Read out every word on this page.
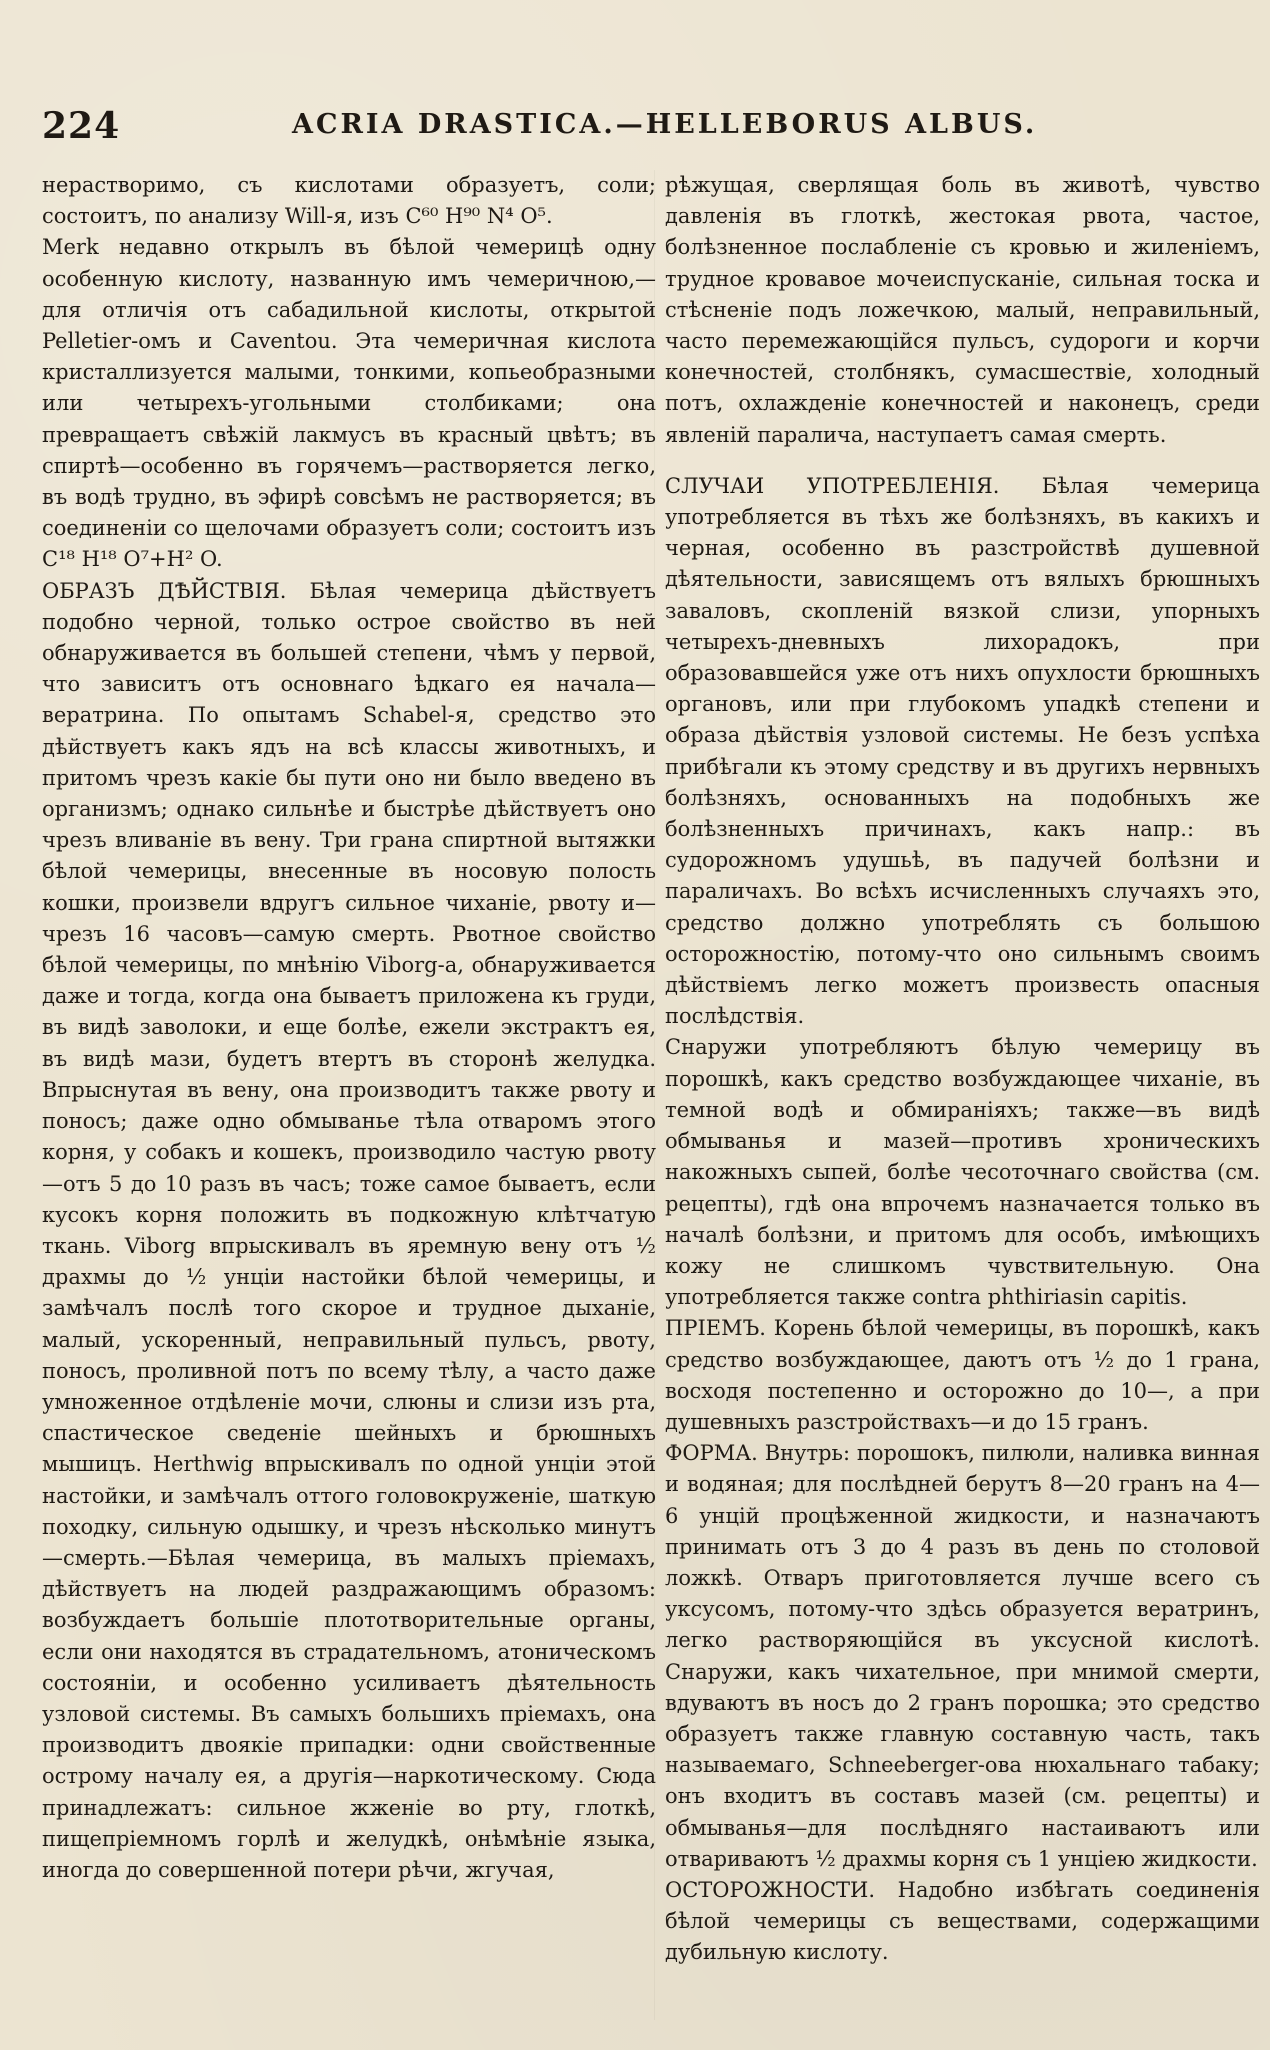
224	ACRIA DRASTICA.—HELLEBORUS ALBUS.

нерастворимо, съ кислотами образуетъ, соли; состоитъ, по анализу Will-я, изъ C⁶⁰ H⁹⁰ N⁴ O⁵.

Merk недавно открылъ въ бѣлой чемерицѣ одну особенную кислоту, названную имъ чемеричною,—для отличія отъ сабадильной кислоты, открытой Pelletier-омъ и Caventou. Эта чемеричная кислота кристаллизуется малыми, тонкими, копьеобразными или четырехъ-угольными столбиками; она превращаетъ свѣжій лакмусъ въ красный цвѣтъ; въ спиртѣ—особенно въ горячемъ—растворяется легко, въ водѣ трудно, въ эфирѣ совсѣмъ не растворяется; въ соединеніи со щелочами образуетъ соли; состоитъ изъ C¹⁸ H¹⁸ O⁷+H² O.

ОБРАЗЪ ДѢЙСТВІЯ. Бѣлая чемерица дѣйствуетъ подобно черной, только острое свойство въ ней обнаруживается въ большей степени, чѣмъ у первой, что зависитъ отъ основнаго ѣдкаго ея начала—вератрина. По опытамъ Schabel-я, средство это дѣйствуетъ какъ ядъ на всѣ классы животныхъ, и притомъ чрезъ какіе бы пути оно ни было введено въ организмъ; однако сильнѣе и быстрѣе дѣйствуетъ оно чрезъ вливаніе въ вену. Три грана спиртной вытяжки бѣлой чемерицы, внесенные въ носовую полость кошки, произвели вдругъ сильное чиханіе, рвоту и—чрезъ 16 часовъ—самую смерть. Рвотное свойство бѣлой чемерицы, по мнѣнію Viborg-а, обнаруживается даже и тогда, когда она бываетъ приложена къ груди, въ видѣ заволоки, и еще болѣе, ежели экстрактъ ея, въ видѣ мази, будетъ втертъ въ сторонѣ желудка. Впрыснутая въ вену, она производитъ также рвоту и поносъ; даже одно обмыванье тѣла отваромъ этого корня, у собакъ и кошекъ, производило частую рвоту—отъ 5 до 10 разъ въ часъ; тоже самое бываетъ, если кусокъ корня положить въ подкожную клѣтчатую ткань. Viborg впрыскивалъ въ яремную вену отъ ½ драхмы до ½ унціи настойки бѣлой чемерицы, и замѣчалъ послѣ того скорое и трудное дыханіе, малый, ускоренный, неправильный пульсъ, рвоту, поносъ, проливной потъ по всему тѣлу, а часто даже умноженное отдѣленіе мочи, слюны и слизи изъ рта, спастическое сведеніе шейныхъ и брюшныхъ мышицъ. Herthwig впрыскивалъ по одной унціи этой настойки, и замѣчалъ оттого головокруженіе, шаткую походку, сильную одышку, и чрезъ нѣсколько минутъ—смерть.—Бѣлая чемерица, въ малыхъ пріемахъ, дѣйствуетъ на людей раздражающимъ образомъ: возбуждаетъ большіе плототворительные органы, если они находятся въ страдательномъ, атоническомъ состояніи, и особенно усиливаетъ дѣятельность узловой системы. Въ самыхъ большихъ пріемахъ, она производитъ двоякіе припадки: одни свойственные острому началу ея, а другія—наркотическому. Сюда принадлежатъ: сильное жженіе во рту, глоткѣ, пищепріемномъ горлѣ и желудкѣ, онѣмѣніе языка, иногда до совершенной потери рѣчи, жгучая,

рѣжущая, сверлящая боль въ животѣ, чувство давленія въ глоткѣ, жестокая рвота, частое, болѣзненное послабленіе съ кровью и жиленіемъ, трудное кровавое мочеиспусканіе, сильная тоска и стѣсненіе подъ ложечкою, малый, неправильный, часто перемежающійся пульсъ, судороги и корчи конечностей, столбнякъ, сумасшествіе, холодный потъ, охлажденіе конечностей и наконецъ, среди явленій паралича, наступаетъ самая смерть.

СЛУЧАИ УПОТРЕБЛЕНІЯ. Бѣлая чемерица употребляется въ тѣхъ же болѣзняхъ, въ какихъ и черная, особенно въ разстройствѣ душевной дѣятельности, зависящемъ отъ вялыхъ брюшныхъ заваловъ, скопленій вязкой слизи, упорныхъ четырехъ-дневныхъ лихорадокъ, при образовавшейся уже отъ нихъ опухлости брюшныхъ органовъ, или при глубокомъ упадкѣ степени и образа дѣйствія узловой системы. Не безъ успѣха прибѣгали къ этому средству и въ другихъ нервныхъ болѣзняхъ, основанныхъ на подобныхъ же болѣзненныхъ причинахъ, какъ напр.: въ судорожномъ удушьѣ, въ падучей болѣзни и параличахъ. Во всѣхъ исчисленныхъ случаяхъ это, средство должно употреблять съ большою осторожностію, потому-что оно сильнымъ своимъ дѣйствіемъ легко можетъ произвесть опасныя послѣдствія.

Снаружи употребляютъ бѣлую чемерицу въ порошкѣ, какъ средство возбуждающее чиханіе, въ темной водѣ и обмиранiяхъ; также—въ видѣ обмыванья и мазей—противъ хроническихъ накожныхъ сыпей, болѣе чесоточнаго свойства (см. рецепты), гдѣ она впрочемъ назначается только въ началѣ болѣзни, и притомъ для особъ, имѣющихъ кожу не слишкомъ чувствительную. Она употребляется также contra phthiriasin capitis.

ПРІЕМЪ. Корень бѣлой чемерицы, въ порошкѣ, какъ средство возбуждающее, даютъ отъ ½ до 1 грана, восходя постепенно и осторожно до 10—, а при душевныхъ разстройствахъ—и до 15 гранъ.

ФОРМА. Внутрь: порошокъ, пилюли, наливка винная и водяная; для послѣдней берутъ 8—20 гранъ на 4—6 унцій процѣженной жидкости, и назначаютъ принимать отъ 3 до 4 разъ въ день по столовой ложкѣ. Отваръ приготовляется лучше всего съ уксусомъ, потому-что здѣсь образуется вератринъ, легко растворяющійся въ уксусной кислотѣ. Снаружи, какъ чихательное, при мнимой смерти, вдуваютъ въ носъ до 2 гранъ порошка; это средство образуетъ также главную составную часть, такъ называемаго, Schneeberger-ова нюхальнаго табаку; онъ входитъ въ составъ мазей (см. рецепты) и обмыванья—для послѣдняго настаиваютъ или отвариваютъ ½ драхмы корня съ 1 унціею жидкости.

ОСТОРОЖНОСТИ. Надобно избѣгать соединенія бѣлой чемерицы съ веществами, содержащими дубильную кислоту.
